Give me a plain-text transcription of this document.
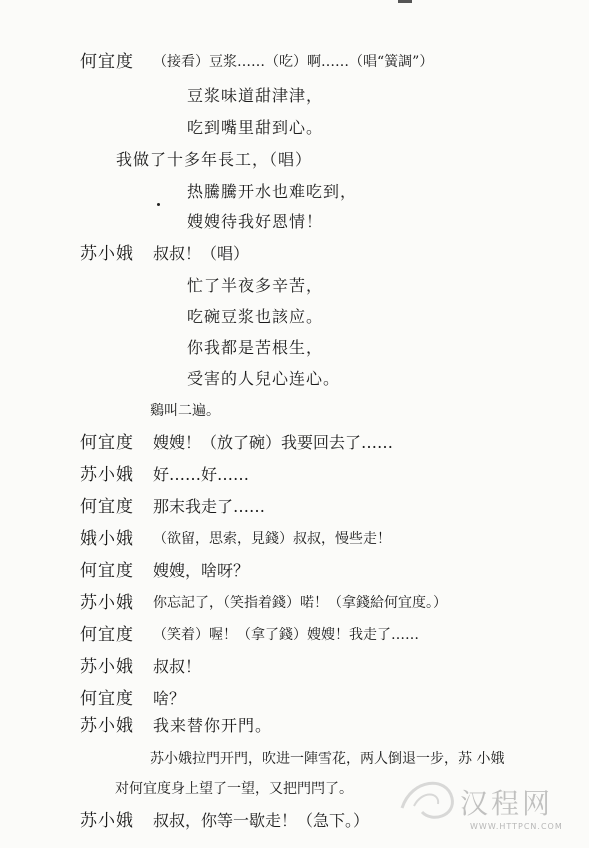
何宜度 （接看）豆浆……（吃）啊……（唱“簧調”）
豆浆味道甜津津，
吃到嘴里甜到心。
我做了十多年長工，（唱）
热騰騰开水也难吃到，
嫂嫂待我好恩情！
苏小娥 叔叔！（唱）
忙了半夜多辛苦，
吃碗豆浆也該应。
你我都是苦根生，
受害的人兒心连心。
鷄叫二遍。
何宜度 嫂嫂！（放了碗）我要回去了……
苏小娥 好……好……
何宜度 那末我走了……
娥小娥 （欲留，思索，見錢）叔叔，慢些走！
何宜度 嫂嫂，啥呀？
苏小娥 你忘記了，（笑指着錢）喏！（拿錢給何宜度。）
何宜度 （笑着）喔！（拿了錢）嫂嫂！我走了……
苏小娥 叔叔！
何宜度 啥？
苏小娥 我来替你开門。
苏小娥拉門开門，吹进一陣雪花，两人倒退一步，苏 小娥
对何宜度身上望了一望，又把門閂了。
苏小娥 叔叔，你等一歇走！（急下。）
汉程网
WWW.HTTPCN.COM
